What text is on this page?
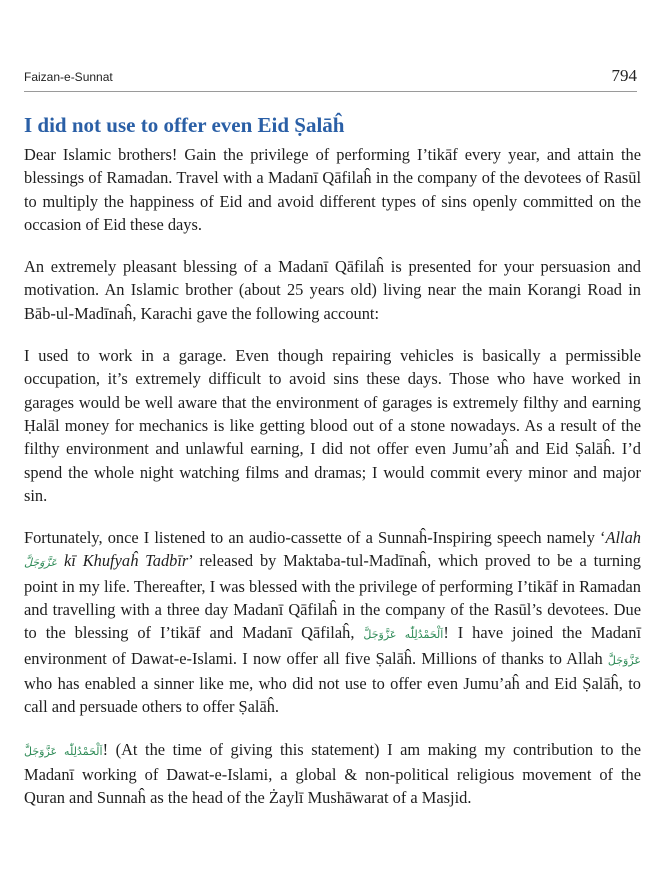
Faizan-e-Sunnat	794
I did not use to offer even Eid Ṣalāĥ

Dear Islamic brothers! Gain the privilege of performing I’tikāf every year, and attain the blessings of Ramadan. Travel with a Madanī Qāfilaĥ in the company of the devotees of Rasūl to multiply the happiness of Eid and avoid different types of sins openly committed on the occasion of Eid these days.

An extremely pleasant blessing of a Madanī Qāfilaĥ is presented for your persuasion and motivation. An Islamic brother (about 25 years old) living near the main Korangi Road in Bāb-ul-Madīnaĥ, Karachi gave the following account:

I used to work in a garage. Even though repairing vehicles is basically a permissible occupation, it’s extremely difficult to avoid sins these days. Those who have worked in garages would be well aware that the environment of garages is extremely filthy and earning Ḥalāl money for mechanics is like getting blood out of a stone nowadays. As a result of the filthy environment and unlawful earning, I did not offer even Jumu’aĥ and Eid Ṣalāĥ. I’d spend the whole night watching films and dramas; I would commit every minor and major sin.

Fortunately, once I listened to an audio-cassette of a Sunnaĥ-Inspiring speech namely ‘Allah عَزَّوَجَلَّ kī Khufyaĥ Tadbīr’ released by Maktaba-tul-Madīnaĥ, which proved to be a turning point in my life. Thereafter, I was blessed with the privilege of performing I’tikāf in Ramadan and travelling with a three day Madanī Qāfilaĥ in the company of the Rasūl’s devotees. Due to the blessing of I’tikāf and Madanī Qāfilaĥ, اَلْحَمْدُلِلّٰه عَزَّوَجَلَّ! I have joined the Madanī environment of Dawat-e-Islami. I now offer all five Ṣalāĥ. Millions of thanks to Allah عَزَّوَجَلَّ who has enabled a sinner like me, who did not use to offer even Jumu’aĥ and Eid Ṣalāĥ, to call and persuade others to offer Ṣalāĥ.

اَلْحَمْدُلِلّٰه عَزَّوَجَلَّ! (At the time of giving this statement) I am making my contribution to the Madanī working of Dawat-e-Islami, a global & non-political religious movement of the Quran and Sunnaĥ as the head of the Żaylī Mushāwarat of a Masjid.
